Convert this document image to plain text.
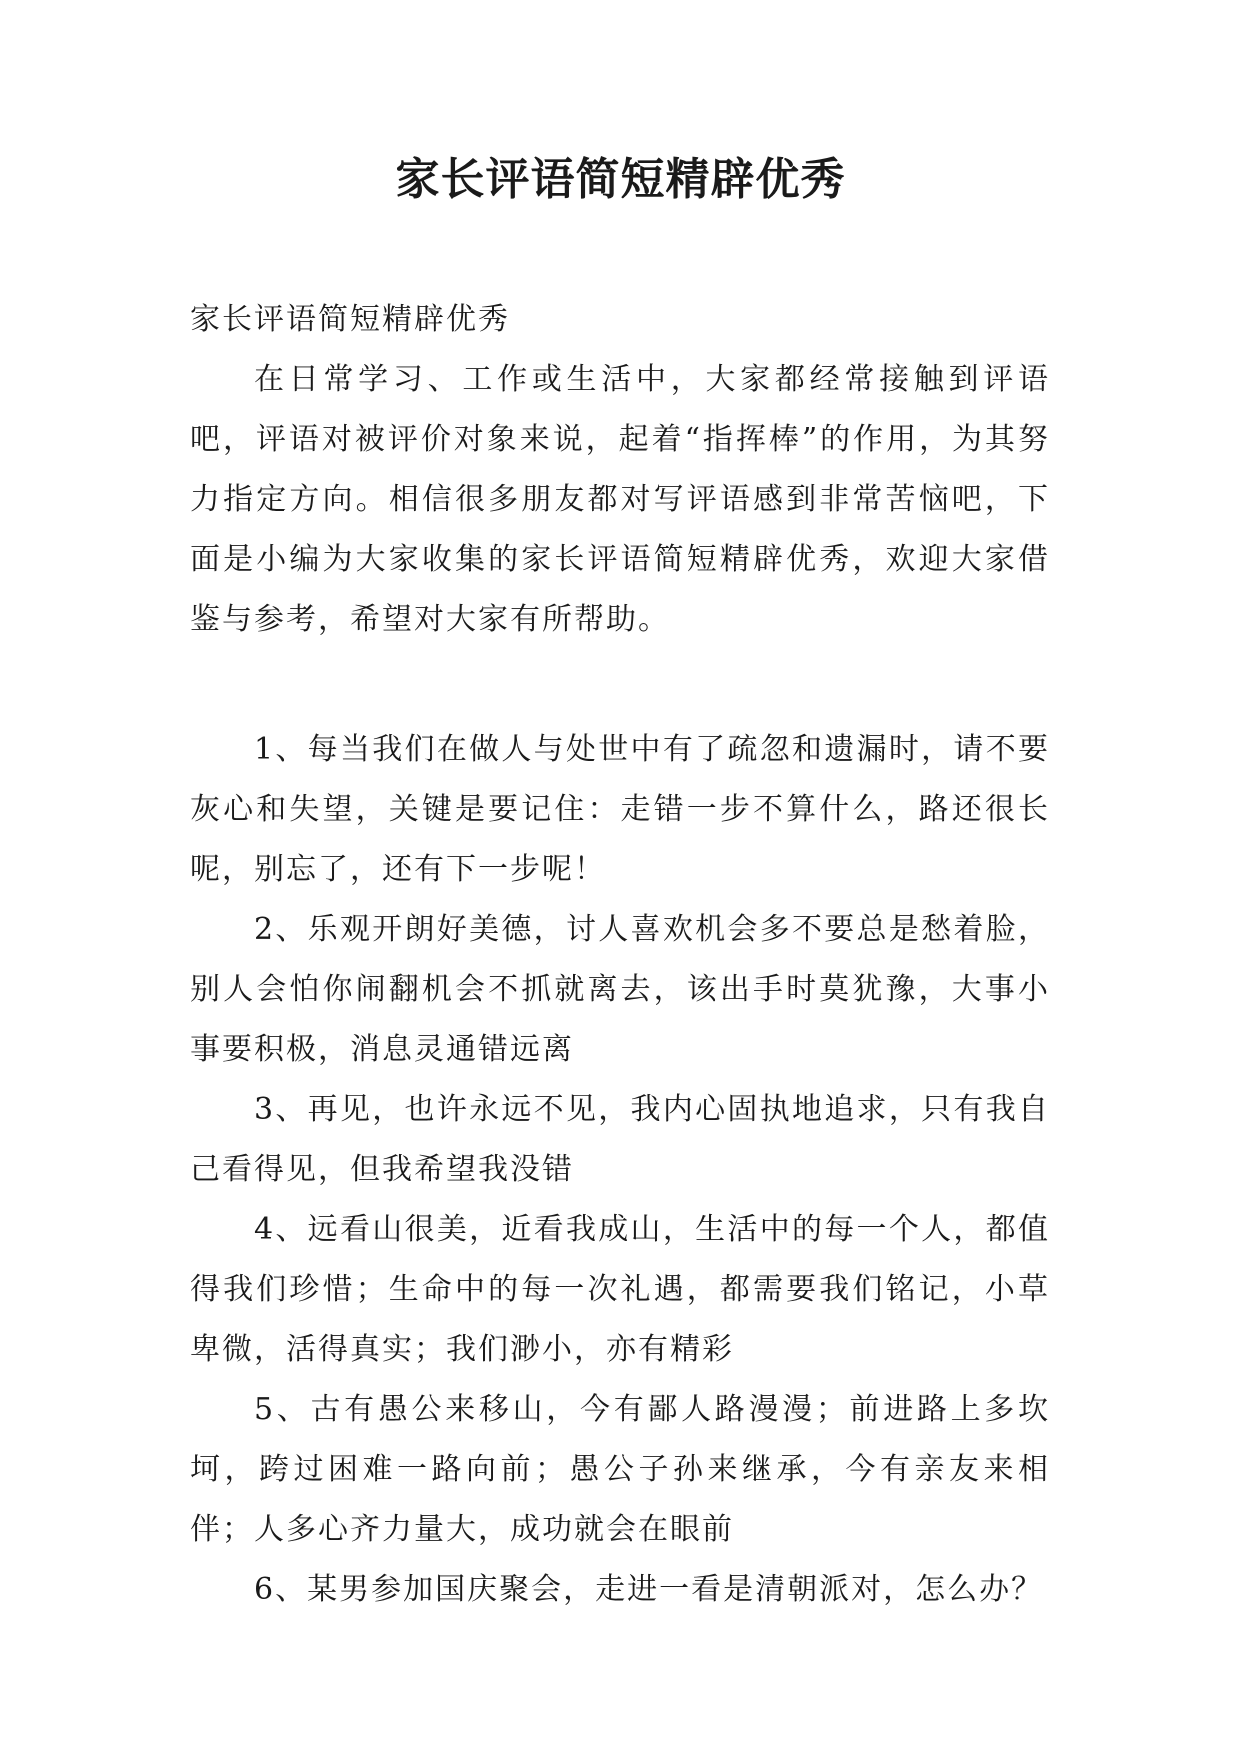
家长评语简短精辟优秀

家长评语简短精辟优秀

在日常学习、工作或生活中，大家都经常接触到评语吧，评语对被评价对象来说，起着“指挥棒”的作用，为其努力指定方向。相信很多朋友都对写评语感到非常苦恼吧，下面是小编为大家收集的家长评语简短精辟优秀，欢迎大家借鉴与参考，希望对大家有所帮助。

1、每当我们在做人与处世中有了疏忽和遗漏时，请不要灰心和失望，关键是要记住：走错一步不算什么，路还很长呢，别忘了，还有下一步呢！

2、乐观开朗好美德，讨人喜欢机会多不要总是愁着脸，别人会怕你闹翻机会不抓就离去，该出手时莫犹豫，大事小事要积极，消息灵通错远离

3、再见，也许永远不见，我内心固执地追求，只有我自己看得见，但我希望我没错

4、远看山很美，近看我成山，生活中的每一个人，都值得我们珍惜；生命中的每一次礼遇，都需要我们铭记，小草卑微，活得真实；我们渺小，亦有精彩

5、古有愚公来移山，今有鄙人路漫漫；前进路上多坎坷，跨过困难一路向前；愚公子孙来继承，今有亲友来相伴；人多心齐力量大，成功就会在眼前

6、某男参加国庆聚会，走进一看是清朝派对，怎么办？
